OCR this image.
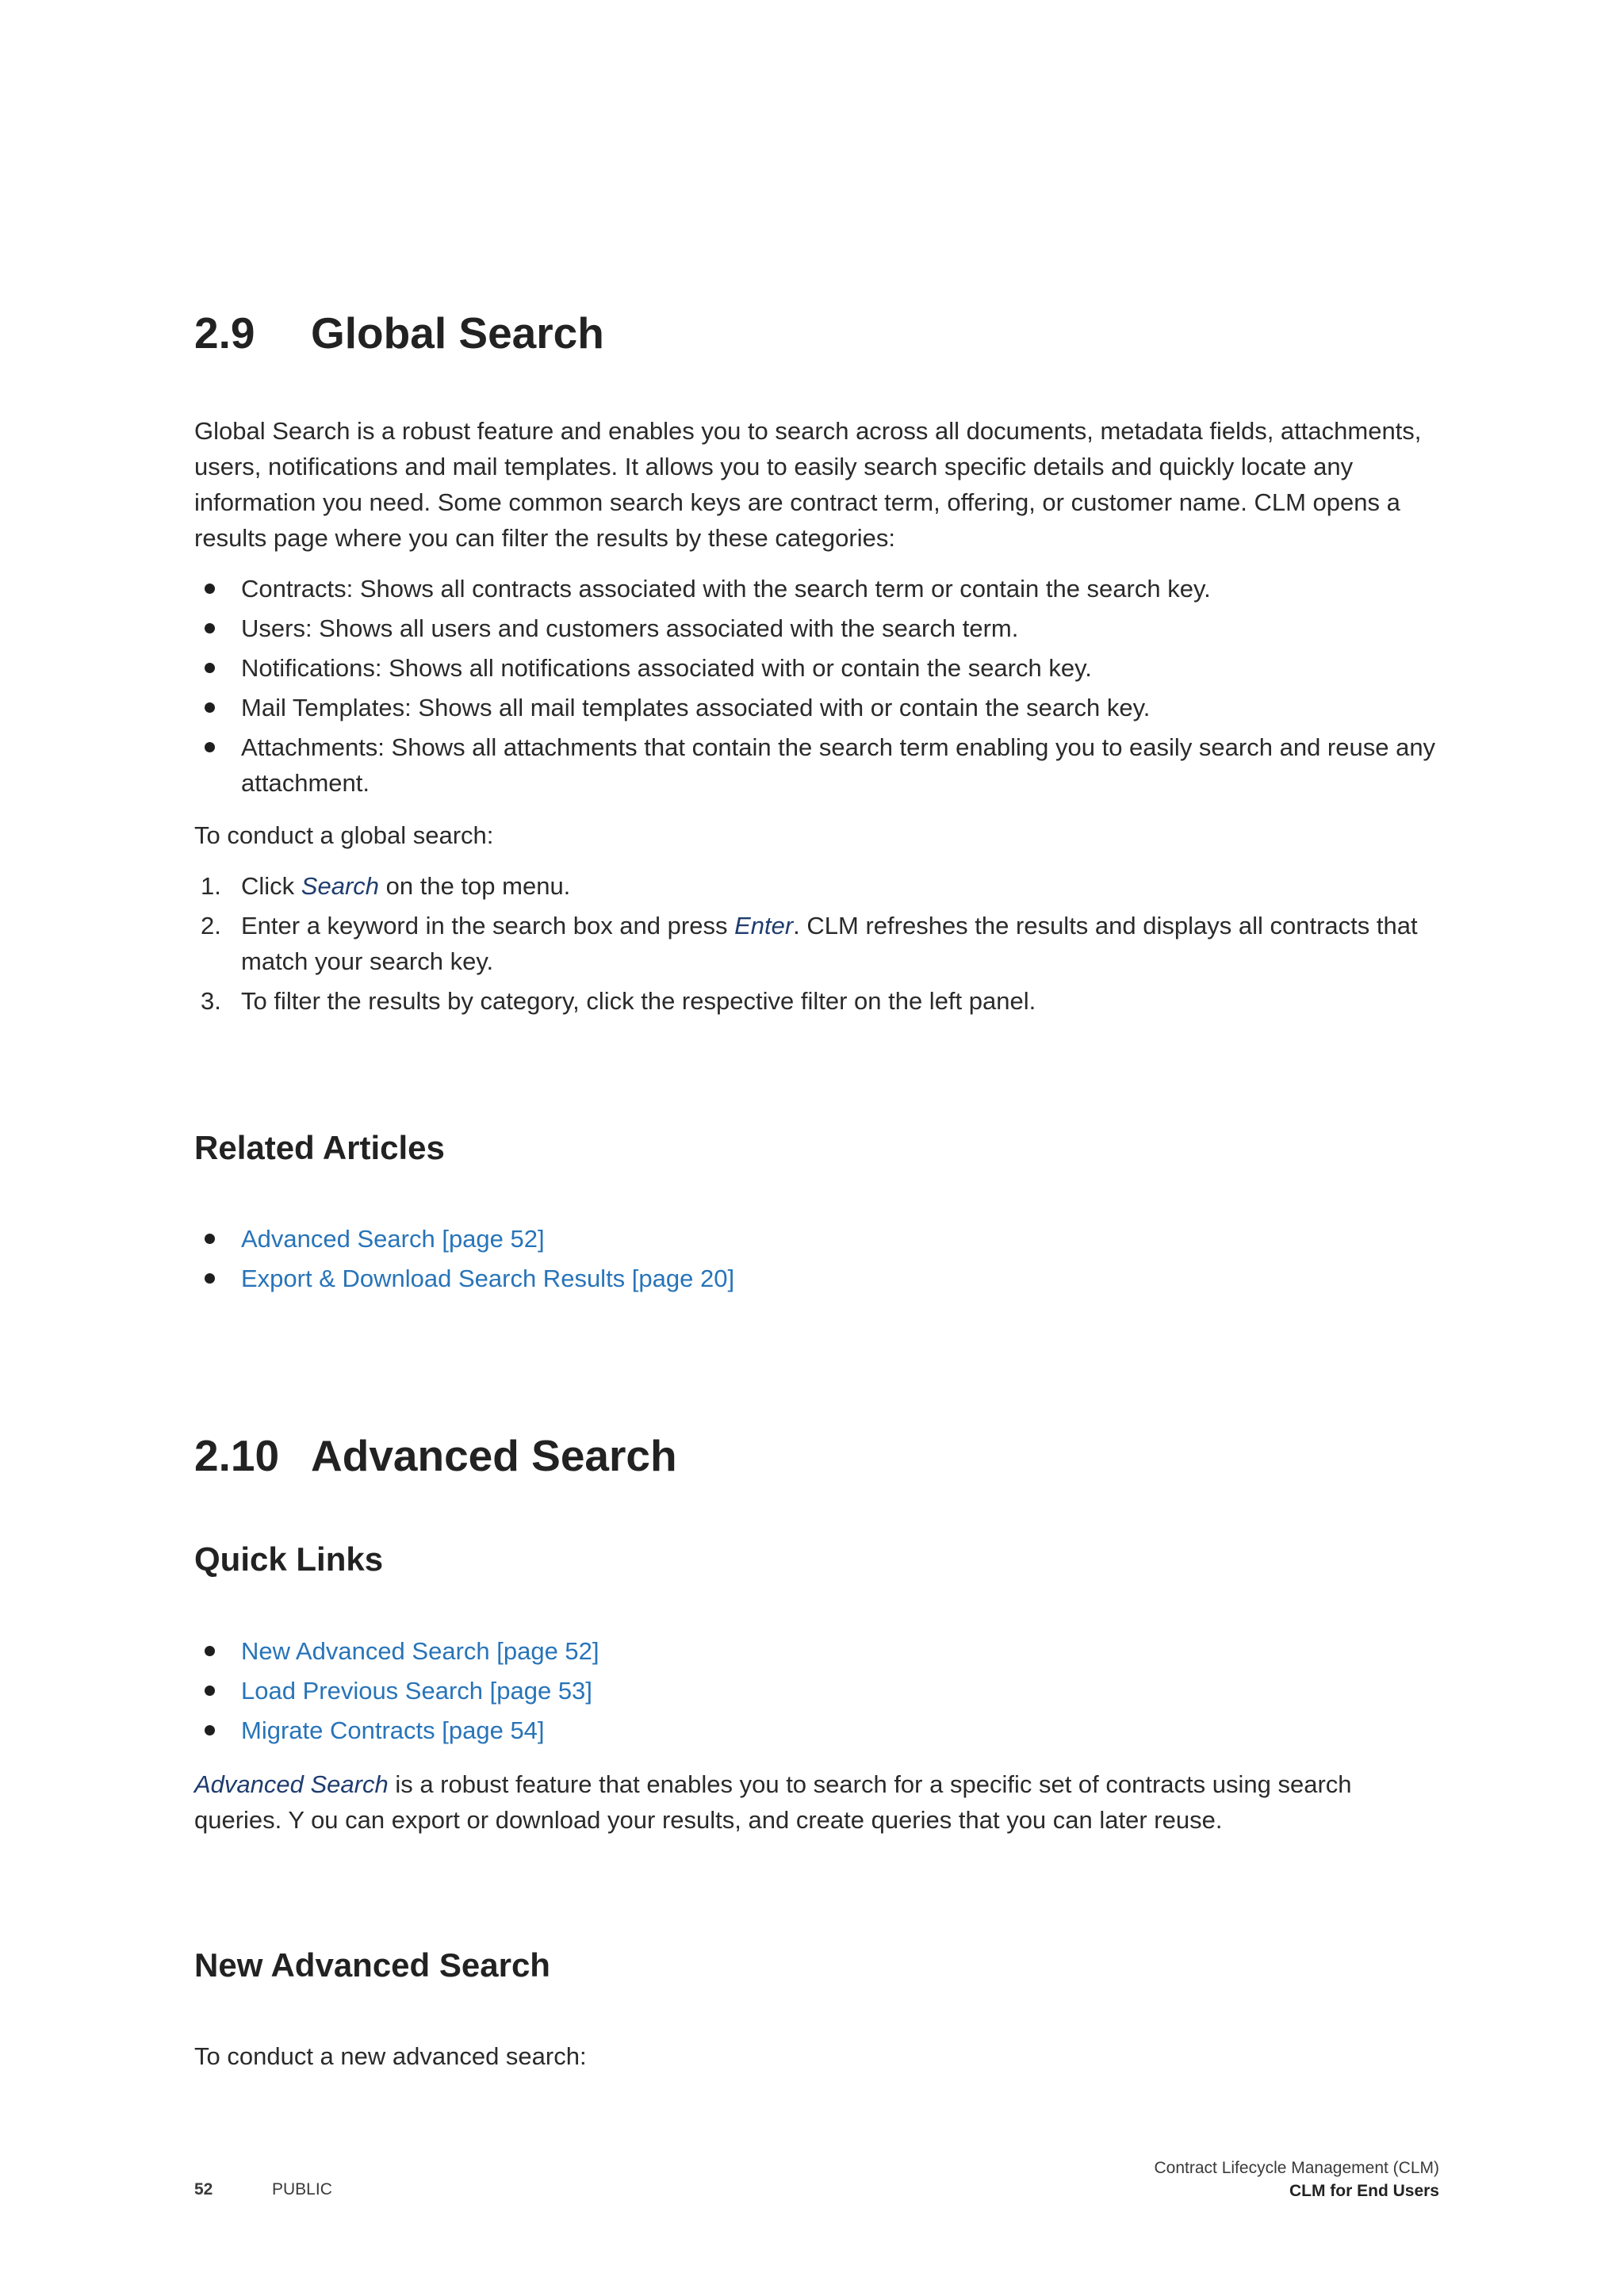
2.9 Global Search

Global Search is a robust feature and enables you to search across all documents, metadata fields, attachments, users, notifications and mail templates. It allows you to easily search specific details and quickly locate any information you need. Some common search keys are contract term, offering, or customer name. CLM opens a results page where you can filter the results by these categories:

Contracts: Shows all contracts associated with the search term or contain the search key.
Users: Shows all users and customers associated with the search term.
Notifications: Shows all notifications associated with or contain the search key.
Mail Templates: Shows all mail templates associated with or contain the search key.
Attachments: Shows all attachments that contain the search term enabling you to easily search and reuse any attachment.

To conduct a global search:

1. Click Search on the top menu.
2. Enter a keyword in the search box and press Enter. CLM refreshes the results and displays all contracts that match your search key.
3. To filter the results by category, click the respective filter on the left panel.
Related Articles
Advanced Search [page 52]
Export & Download Search Results [page 20]
2.10 Advanced Search
Quick Links
New Advanced Search [page 52]
Load Previous Search [page 53]
Migrate Contracts [page 54]

Advanced Search is a robust feature that enables you to search for a specific set of contracts using search queries. Y ou can export or download your results, and create queries that you can later reuse.

New Advanced Search

To conduct a new advanced search:

52	PUBLIC
Contract Lifecycle Management (CLM)
CLM for End Users
